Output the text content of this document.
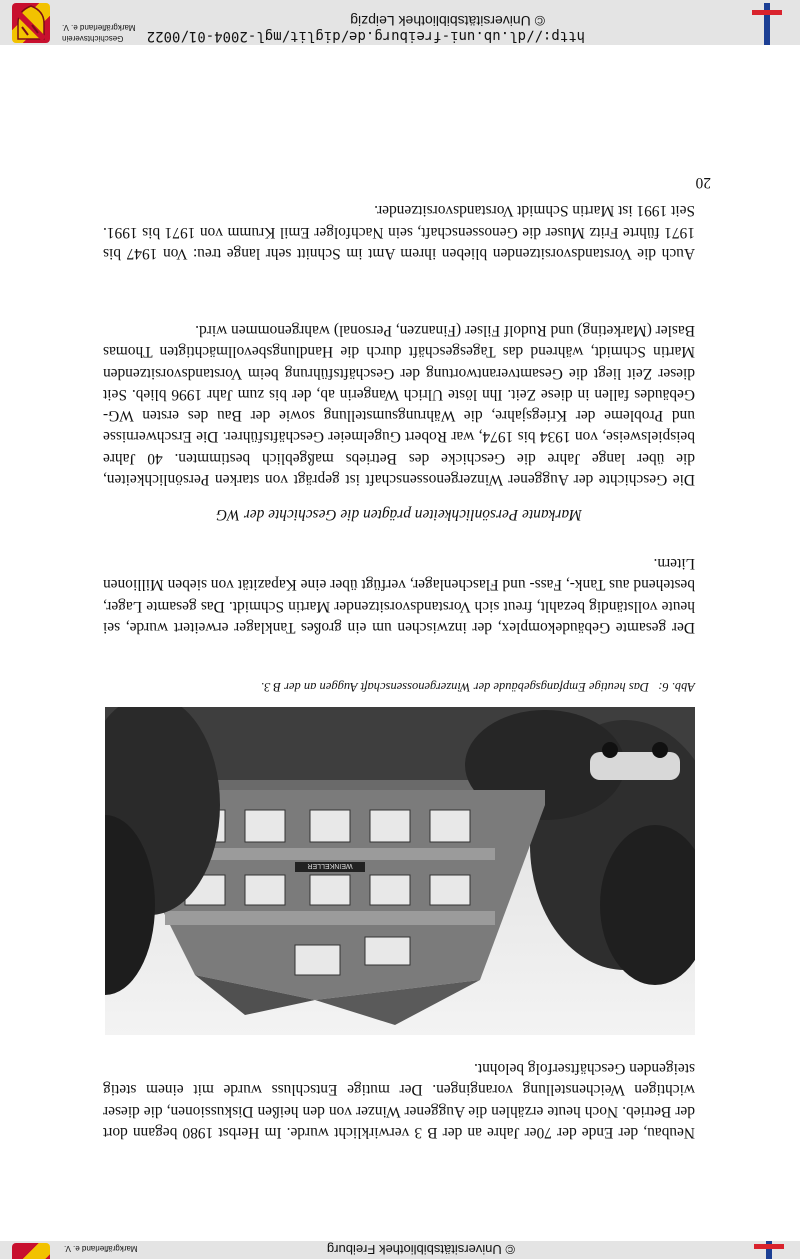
http://dl.ub.uni-freiburg.de/diglit/mgl-2004-01/0022
© Universitätsbibliothek Leipzig
Geschichtsverein
Markgräflerland e. V.
© Universitätsbibliothek Freiburg
Markgräflerland e. V.

Neubau, der Ende der 70er Jahre an der B 3 verwirklicht wurde. Im Herbst 1980 begann dort der Betrieb. Noch heute erzählen die Auggener Winzer von den heißen Diskussionen, die dieser wichtigen Weichenstellung vorangingen. Der mutige Entschluss wurde mit einem stetig steigenden Geschäftserfolg belohnt.

WEINKELLER

Abb. 6:Das heutige Empfangsgebäude der Winzergenossenschaft Auggen an der B 3.

Der gesamte Gebäudekomplex, der inzwischen um ein großes Tanklager erweitert wurde, sei heute vollständig bezahlt, freut sich Vorstandsvorsitzender Martin Schmidt. Das gesamte Lager, bestehend aus Tank-, Fass- und Flaschenlager, verfügt über eine Kapazität von sieben Millionen Litern.

Markante Persönlichkeiten prägten die Geschichte der WG

Die Geschichte der Auggener Winzergenossenschaft ist geprägt von starken Persönlichkeiten, die über lange Jahre die Geschicke des Betriebs maßgeblich bestimmten. 40 Jahre beispielsweise, von 1934 bis 1974, war Robert Gugelmeier Geschäftsführer. Die Erschwernisse und Probleme der Kriegsjahre, die Währungsumstellung sowie der Bau des ersten WG-Gebäudes fallen in diese Zeit. Ihn löste Ulrich Wangerin ab, der bis zum Jahr 1996 blieb. Seit dieser Zeit liegt die Gesamtverantwortung der Geschäftsführung beim Vorstandsvorsitzenden Martin Schmidt, während das Tagesgeschäft durch die Handlungsbevollmächtigten Thomas Basler (Marketing) und Rudolf Filser (Finanzen, Personal) wahrgenommen wird.

Auch die Vorstandsvorsitzenden blieben ihrem Amt im Schnitt sehr lange treu: Von 1947 bis 1971 führte Fritz Muser die Genossenschaft, sein Nachfolger Emil Krumm von 1971 bis 1991. Seit 1991 ist Martin Schmidt Vorstandsvorsitzender.

20
